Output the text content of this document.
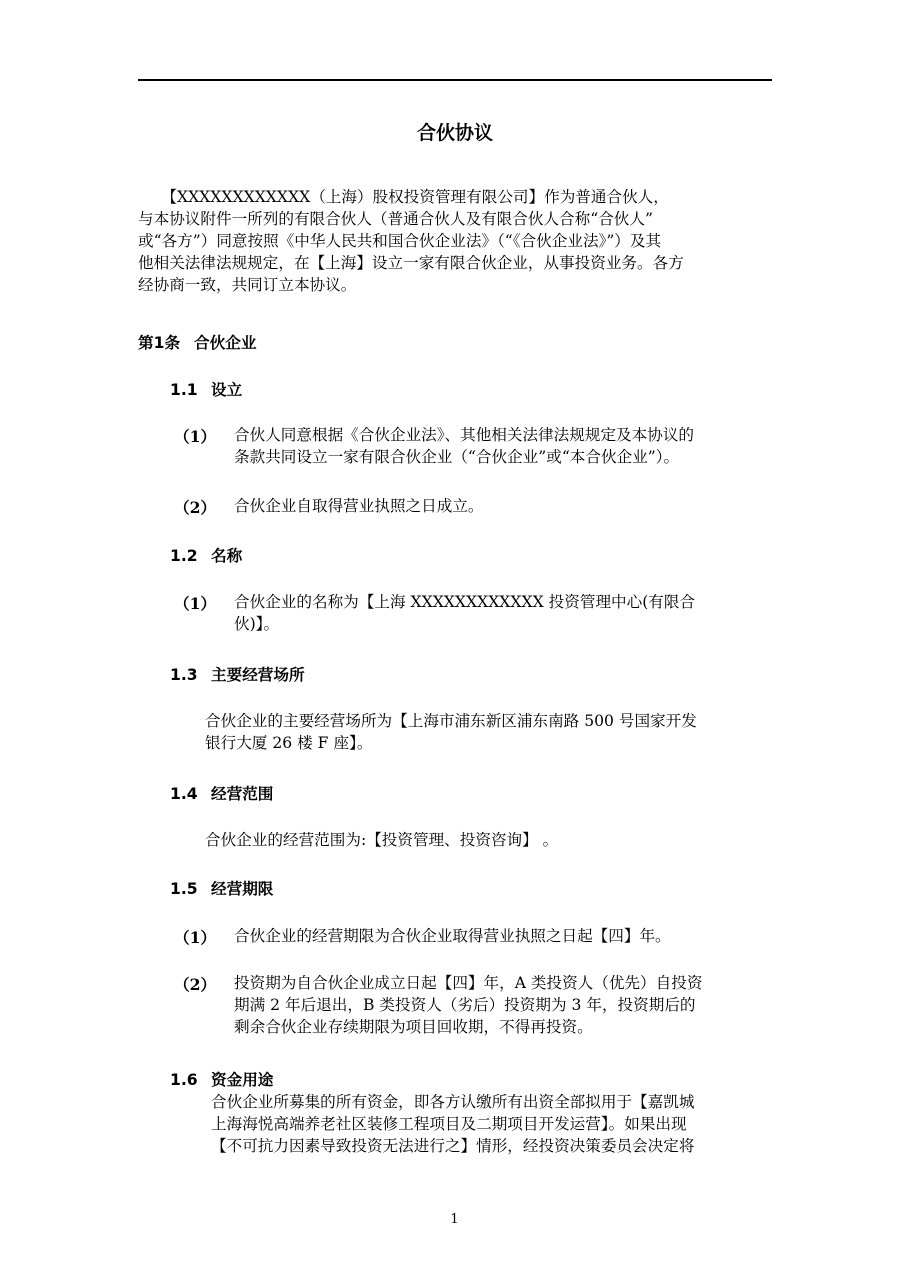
合伙协议
　　【XXXXXXXXXXXX（上海）股权投资管理有限公司】作为普通合伙人，
与本协议附件一所列的有限合伙人（普通合伙人及有限合伙人合称“合伙人”
或“各方”）同意按照《中华人民共和国合伙企业法》（“《合伙企业法》”）及其
他相关法律法规规定，在【上海】设立一家有限合伙企业，从事投资业务。各方
经协商一致，共同订立本协议。
第1条 合伙企业
1.1 设立
（1） 合伙人同意根据《合伙企业法》、其他相关法律法规规定及本协议的
条款共同设立一家有限合伙企业（“合伙企业”或“本合伙企业”）。
（2） 合伙企业自取得营业执照之日成立。
1.2 名称
（1） 合伙企业的名称为【上海 XXXXXXXXXXXX 投资管理中心(有限合
伙)】。
1.3 主要经营场所
合伙企业的主要经营场所为【上海市浦东新区浦东南路 500 号国家开发
银行大厦 26 楼 F 座】。
1.4 经营范围
合伙企业的经营范围为:【投资管理、投资咨询】 。
1.5 经营期限
（1） 合伙企业的经营期限为合伙企业取得营业执照之日起【四】年。
（2） 投资期为自合伙企业成立日起【四】年，A 类投资人（优先）自投资
期满 2 年后退出，B 类投资人（劣后）投资期为 3 年，投资期后的
剩余合伙企业存续期限为项目回收期，不得再投资。
1.6 资金用途
合伙企业所募集的所有资金，即各方认缴所有出资全部拟用于【嘉凯城
上海海悦高端养老社区装修工程项目及二期项目开发运营】。如果出现
【不可抗力因素导致投资无法进行之】情形，经投资决策委员会决定将
1
